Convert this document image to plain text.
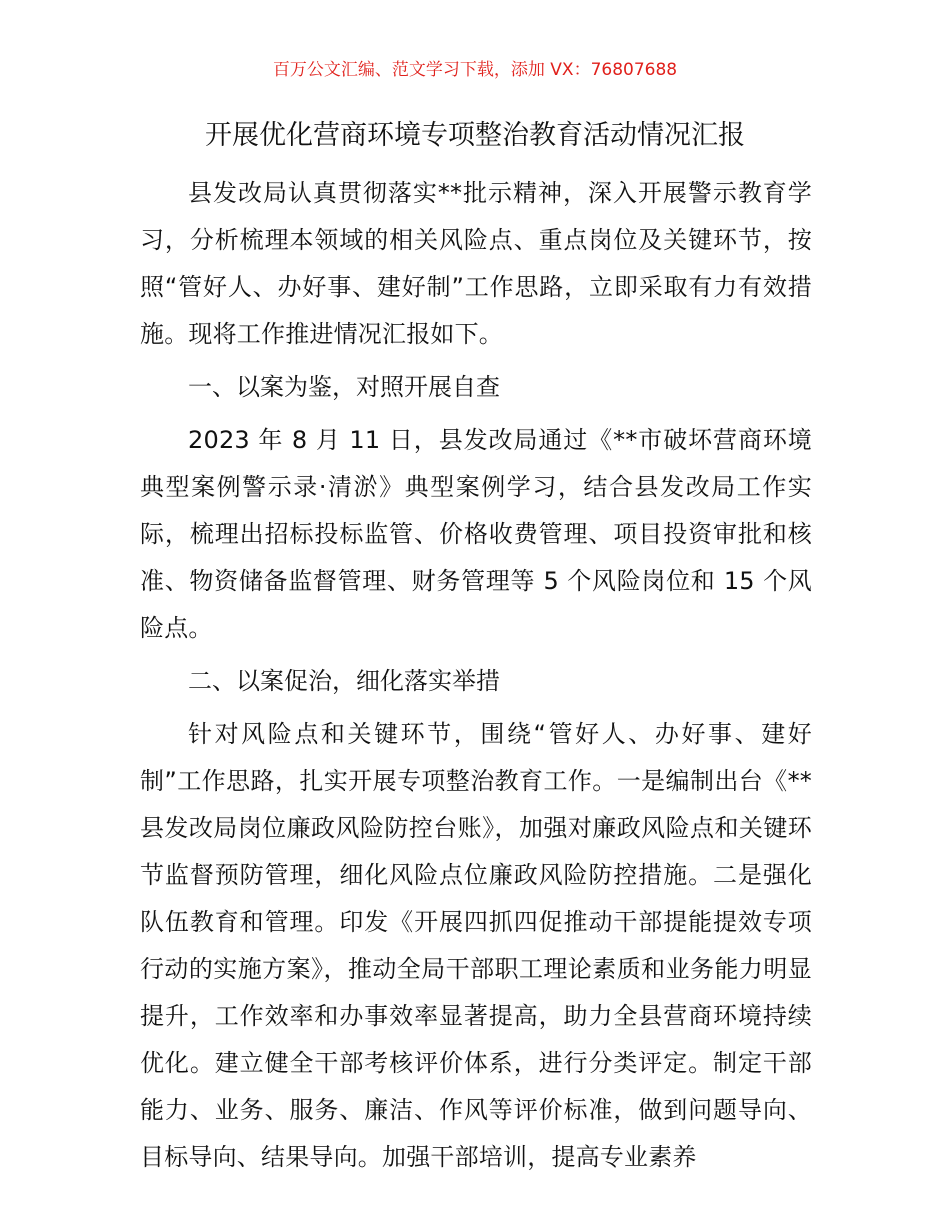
百万公文汇编、范文学习下载，添加 VX：76807688
开展优化营商环境专项整治教育活动情况汇报

县发改局认真贯彻落实**批示精神，深入开展警示教育学习，分析梳理本领域的相关风险点、重点岗位及关键环节，按照“管好人、办好事、建好制”工作思路，立即采取有力有效措施。现将工作推进情况汇报如下。

一、以案为鉴，对照开展自查

2023 年 8 月 11 日，县发改局通过《**市破坏营商环境典型案例警示录·清淤》典型案例学习，结合县发改局工作实际，梳理出招标投标监管、价格收费管理、项目投资审批和核准、物资储备监督管理、财务管理等 5 个风险岗位和 15 个风险点。

二、以案促治，细化落实举措

针对风险点和关键环节，围绕“管好人、办好事、建好制”工作思路，扎实开展专项整治教育工作。一是编制出台《**县发改局岗位廉政风险防控台账》，加强对廉政风险点和关键环节监督预防管理，细化风险点位廉政风险防控措施。二是强化队伍教育和管理。印发《开展四抓四促推动干部提能提效专项行动的实施方案》，推动全局干部职工理论素质和业务能力明显提升，工作效率和办事效率显著提高，助力全县营商环境持续优化。建立健全干部考核评价体系，进行分类评定。制定干部能力、业务、服务、廉洁、作风等评价标准，做到问题导向、目标导向、结果导向。加强干部培训，提高专业素养
